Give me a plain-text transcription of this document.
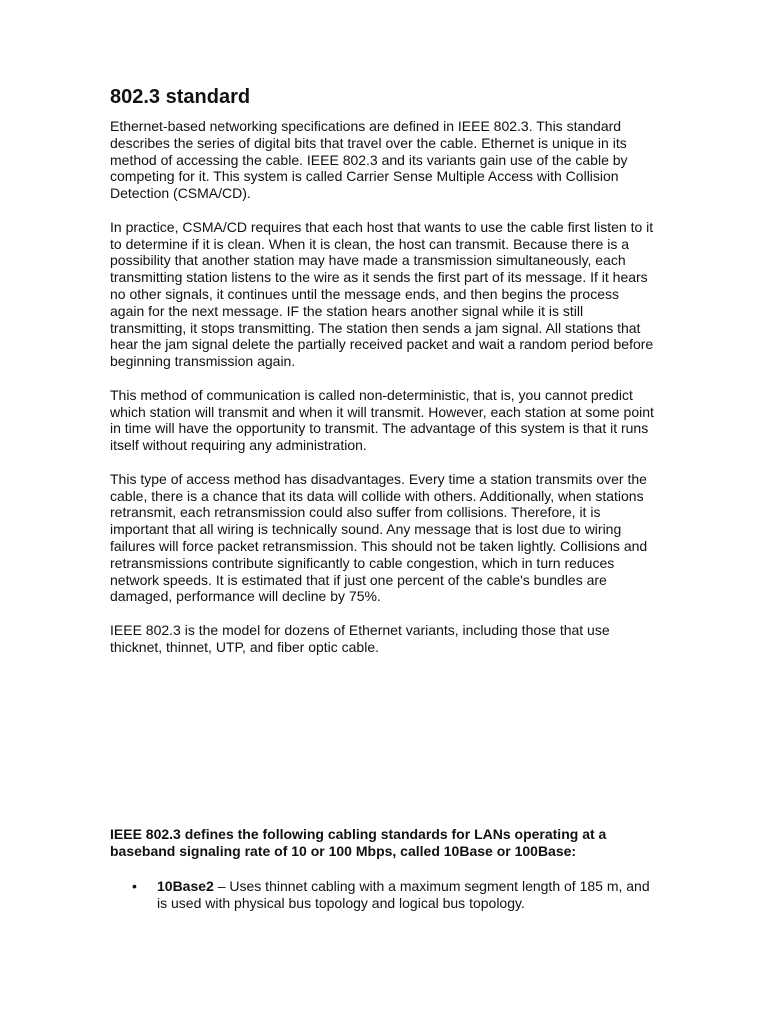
802.3 standard

Ethernet-based networking specifications are defined in IEEE 802.3. This standard describes the series of digital bits that travel over the cable. Ethernet is unique in its method of accessing the cable. IEEE 802.3 and its variants gain use of the cable by competing for it. This system is called Carrier Sense Multiple Access with Collision Detection (CSMA/CD).

In practice, CSMA/CD requires that each host that wants to use the cable first listen to it to determine if it is clean. When it is clean, the host can transmit. Because there is a possibility that another station may have made a transmission simultaneously, each transmitting station listens to the wire as it sends the first part of its message. If it hears no other signals, it continues until the message ends, and then begins the process again for the next message. IF the station hears another signal while it is still transmitting, it stops transmitting. The station then sends a jam signal. All stations that hear the jam signal delete the partially received packet and wait a random period before beginning transmission again.

This method of communication is called non-deterministic, that is, you cannot predict which station will transmit and when it will transmit. However, each station at some point in time will have the opportunity to transmit. The advantage of this system is that it runs itself without requiring any administration.

This type of access method has disadvantages. Every time a station transmits over the cable, there is a chance that its data will collide with others. Additionally, when stations retransmit, each retransmission could also suffer from collisions. Therefore, it is important that all wiring is technically sound. Any message that is lost due to wiring failures will force packet retransmission. This should not be taken lightly. Collisions and retransmissions contribute significantly to cable congestion, which in turn reduces network speeds. It is estimated that if just one percent of the cable's bundles are damaged, performance will decline by 75%.

IEEE 802.3 is the model for dozens of Ethernet variants, including those that use thicknet, thinnet, UTP, and fiber optic cable.

IEEE 802.3 defines the following cabling standards for LANs operating at a baseband signaling rate of 10 or 100 Mbps, called 10Base or 100Base:

• 10Base2 – Uses thinnet cabling with a maximum segment length of 185 m, and is used with physical bus topology and logical bus topology.
